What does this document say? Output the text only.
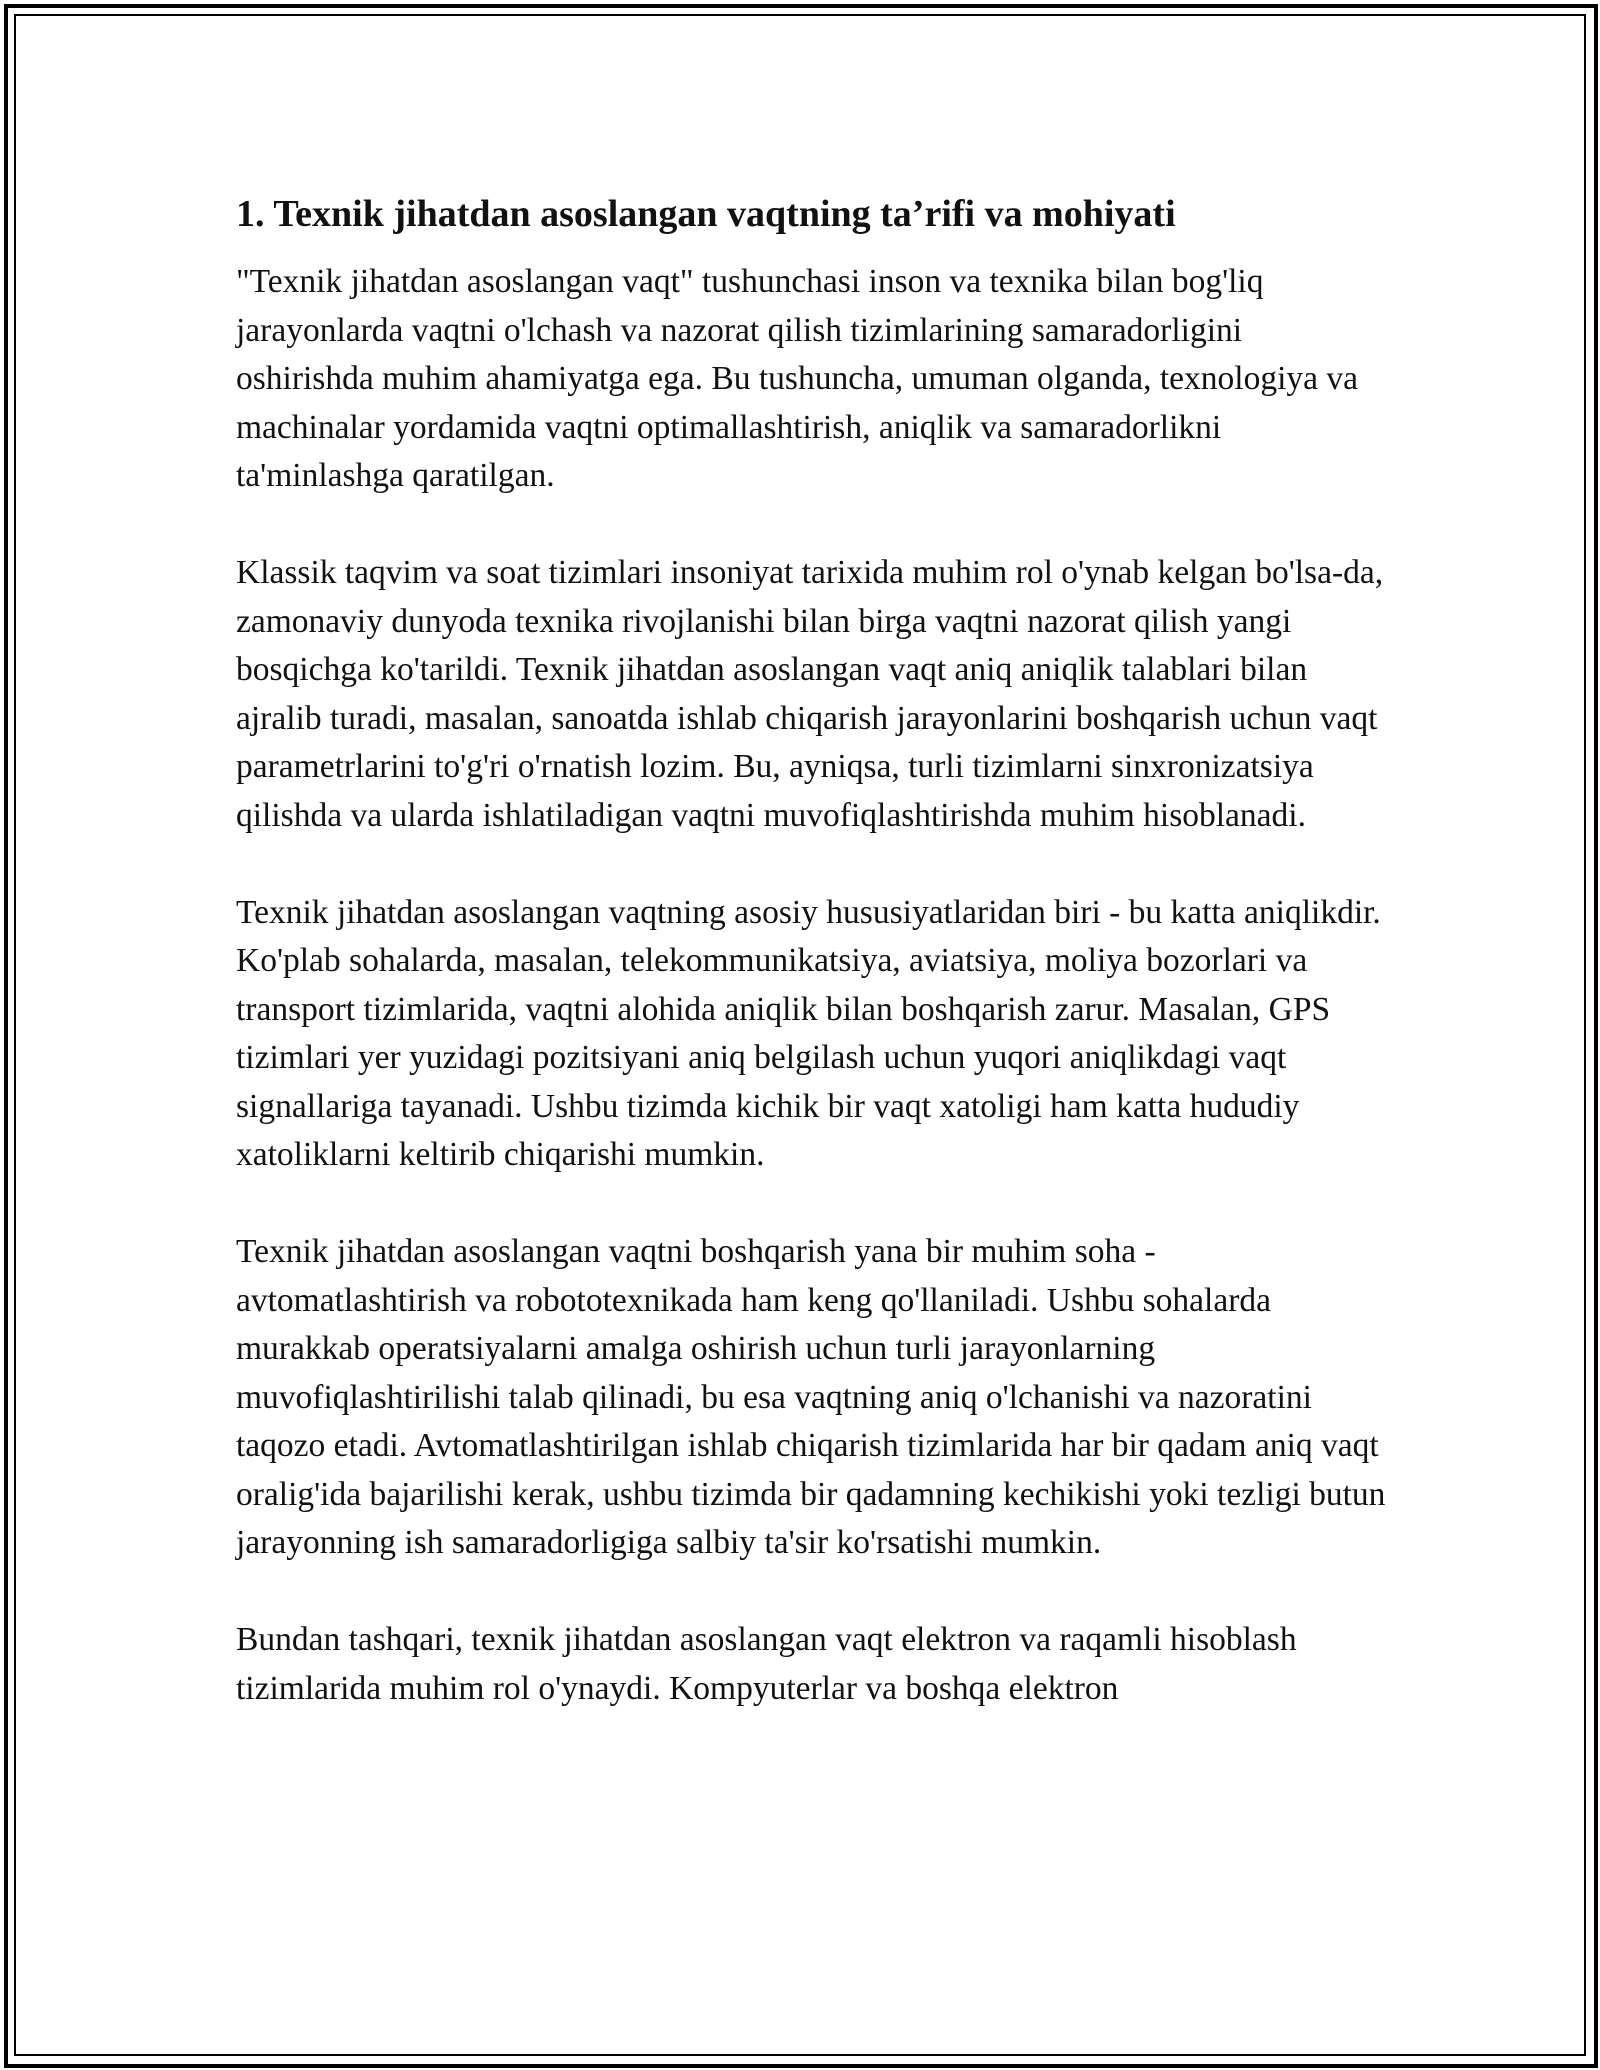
1. Texnik jihatdan asoslangan vaqtning ta’rifi va mohiyati

"Texnik jihatdan asoslangan vaqt" tushunchasi inson va texnika bilan bog'liq jarayonlarda vaqtni o'lchash va nazorat qilish tizimlarining samaradorligini oshirishda muhim ahamiyatga ega. Bu tushuncha, umuman olganda, texnologiya va machinalar yordamida vaqtni optimallashtirish, aniqlik va samaradorlikni ta'minlashga qaratilgan.

Klassik taqvim va soat tizimlari insoniyat tarixida muhim rol o'ynab kelgan bo'lsa-da, zamonaviy dunyoda texnika rivojlanishi bilan birga vaqtni nazorat qilish yangi bosqichga ko'tarildi. Texnik jihatdan asoslangan vaqt aniq aniqlik talablari bilan ajralib turadi, masalan, sanoatda ishlab chiqarish jarayonlarini boshqarish uchun vaqt parametrlarini to'g'ri o'rnatish lozim. Bu, ayniqsa, turli tizimlarni sinxronizatsiya qilishda va ularda ishlatiladigan vaqtni muvofiqlashtirishda muhim hisoblanadi.

Texnik jihatdan asoslangan vaqtning asosiy hususiyatlaridan biri - bu katta aniqlikdir. Ko'plab sohalarda, masalan, telekommunikatsiya, aviatsiya, moliya bozorlari va transport tizimlarida, vaqtni alohida aniqlik bilan boshqarish zarur. Masalan, GPS tizimlari yer yuzidagi pozitsiyani aniq belgilash uchun yuqori aniqlikdagi vaqt signallariga tayanadi. Ushbu tizimda kichik bir vaqt xatoligi ham katta hududiy xatoliklarni keltirib chiqarishi mumkin.

Texnik jihatdan asoslangan vaqtni boshqarish yana bir muhim soha - avtomatlashtirish va robototexnikada ham keng qo'llaniladi. Ushbu sohalarda murakkab operatsiyalarni amalga oshirish uchun turli jarayonlarning muvofiqlashtirilishi talab qilinadi, bu esa vaqtning aniq o'lchanishi va nazoratini taqozo etadi. Avtomatlashtirilgan ishlab chiqarish tizimlarida har bir qadam aniq vaqt oralig'ida bajarilishi kerak, ushbu tizimda bir qadamning kechikishi yoki tezligi butun jarayonning ish samaradorligiga salbiy ta'sir ko'rsatishi mumkin.

Bundan tashqari, texnik jihatdan asoslangan vaqt elektron va raqamli hisoblash tizimlarida muhim rol o'ynaydi. Kompyuterlar va boshqa elektron
